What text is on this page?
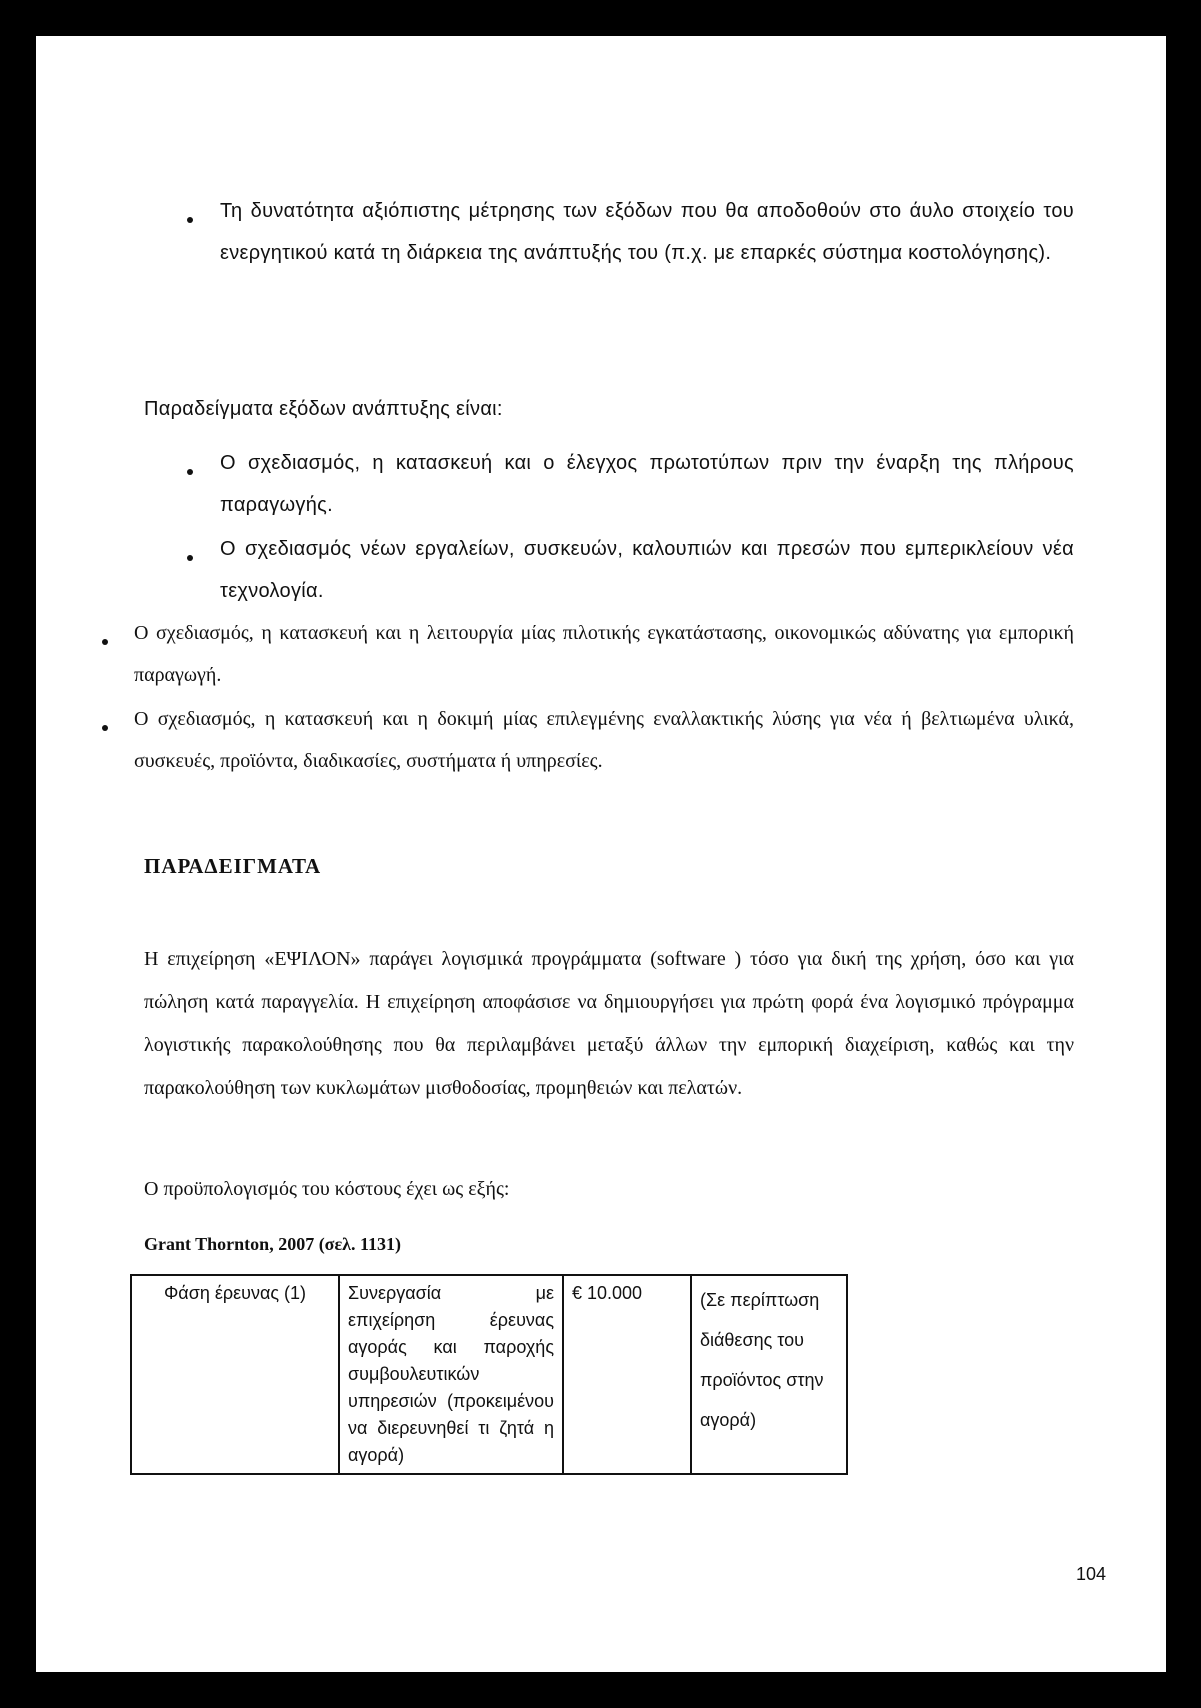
Τη δυνατότητα αξιόπιστης μέτρησης των εξόδων που θα αποδοθούν στο άυλο στοιχείο του ενεργητικού κατά τη διάρκεια της ανάπτυξής του (π.χ. με επαρκές σύστημα κοστολόγησης).
Παραδείγματα εξόδων ανάπτυξης είναι:
Ο σχεδιασμός, η κατασκευή και ο έλεγχος πρωτοτύπων πριν την έναρξη της πλήρους παραγωγής.
Ο σχεδιασμός νέων εργαλείων, συσκευών, καλουπιών και πρεσών που εμπερικλείουν νέα τεχνολογία.
Ο σχεδιασμός, η κατασκευή και η λειτουργία μίας πιλοτικής εγκατάστασης, οικονομικώς αδύνατης για εμπορική παραγωγή.
Ο σχεδιασμός, η κατασκευή και η δοκιμή μίας επιλεγμένης εναλλακτικής λύσης για νέα ή βελτιωμένα υλικά, συσκευές, προϊόντα, διαδικασίες, συστήματα ή υπηρεσίες.
ΠΑΡΑΔΕΙΓΜΑΤΑ
Η επιχείρηση «ΕΨΙΛΟΝ» παράγει λογισμικά προγράμματα (software ) τόσο για δική της χρήση, όσο και για πώληση κατά παραγγελία. Η επιχείρηση αποφάσισε να δημιουργήσει για πρώτη φορά ένα λογισμικό πρόγραμμα λογιστικής παρακολούθησης που θα περιλαμβάνει μεταξύ άλλων την εμπορική διαχείριση, καθώς και την παρακολούθηση των κυκλωμάτων μισθοδοσίας, προμηθειών και πελατών.
Ο προϋπολογισμός του κόστους έχει ως εξής:
Grant Thornton, 2007 (σελ. 1131)
Φάση έρευνας (1)	Συνεργασία με επιχείρηση έρευνας αγοράς και παροχής συμβουλευτικών υπηρεσιών (προκειμένου να διερευνηθεί τι ζητά η αγορά)	€ 10.000	(Σε περίπτωση διάθεσης του προϊόντος στην αγορά)
104
